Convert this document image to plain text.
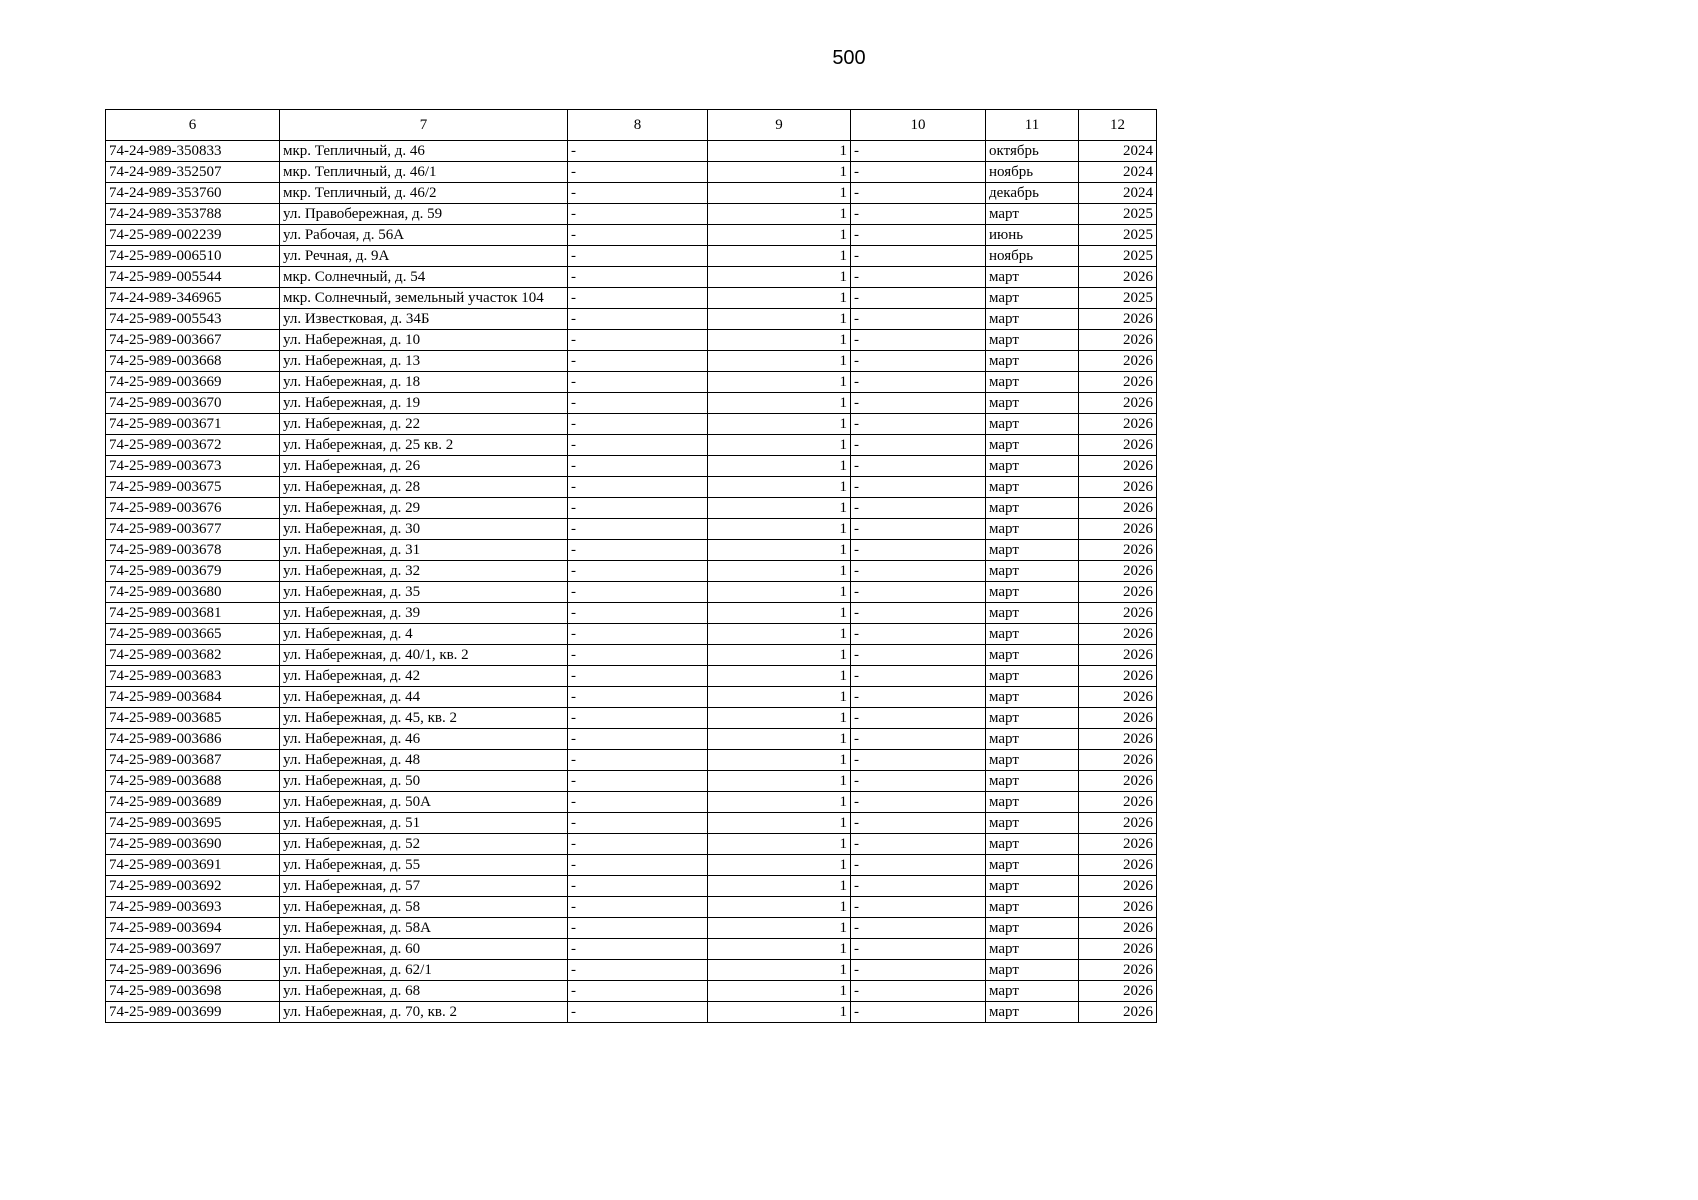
500
6	7	8	9	10	11	12
74-24-989-350833	мкр. Тепличный, д. 46	-	1	-	октябрь	2024
74-24-989-352507	мкр. Тепличный, д. 46/1	-	1	-	ноябрь	2024
74-24-989-353760	мкр. Тепличный, д. 46/2	-	1	-	декабрь	2024
74-24-989-353788	ул. Правобережная, д. 59	-	1	-	март	2025
74-25-989-002239	ул. Рабочая, д. 56А	-	1	-	июнь	2025
74-25-989-006510	ул. Речная, д. 9А	-	1	-	ноябрь	2025
74-25-989-005544	мкр. Солнечный, д. 54	-	1	-	март	2026
74-24-989-346965	мкр. Солнечный, земельный участок 104	-	1	-	март	2025
74-25-989-005543	ул. Известковая, д. 34Б	-	1	-	март	2026
74-25-989-003667	ул. Набережная, д. 10	-	1	-	март	2026
74-25-989-003668	ул. Набережная, д. 13	-	1	-	март	2026
74-25-989-003669	ул. Набережная, д. 18	-	1	-	март	2026
74-25-989-003670	ул. Набережная, д. 19	-	1	-	март	2026
74-25-989-003671	ул. Набережная, д. 22	-	1	-	март	2026
74-25-989-003672	ул. Набережная, д. 25 кв. 2	-	1	-	март	2026
74-25-989-003673	ул. Набережная, д. 26	-	1	-	март	2026
74-25-989-003675	ул. Набережная, д. 28	-	1	-	март	2026
74-25-989-003676	ул. Набережная, д. 29	-	1	-	март	2026
74-25-989-003677	ул. Набережная, д. 30	-	1	-	март	2026
74-25-989-003678	ул. Набережная, д. 31	-	1	-	март	2026
74-25-989-003679	ул. Набережная, д. 32	-	1	-	март	2026
74-25-989-003680	ул. Набережная, д. 35	-	1	-	март	2026
74-25-989-003681	ул. Набережная, д. 39	-	1	-	март	2026
74-25-989-003665	ул. Набережная, д. 4	-	1	-	март	2026
74-25-989-003682	ул. Набережная, д. 40/1, кв. 2	-	1	-	март	2026
74-25-989-003683	ул. Набережная, д. 42	-	1	-	март	2026
74-25-989-003684	ул. Набережная, д. 44	-	1	-	март	2026
74-25-989-003685	ул. Набережная, д. 45, кв. 2	-	1	-	март	2026
74-25-989-003686	ул. Набережная, д. 46	-	1	-	март	2026
74-25-989-003687	ул. Набережная, д. 48	-	1	-	март	2026
74-25-989-003688	ул. Набережная, д. 50	-	1	-	март	2026
74-25-989-003689	ул. Набережная, д. 50А	-	1	-	март	2026
74-25-989-003695	ул. Набережная, д. 51	-	1	-	март	2026
74-25-989-003690	ул. Набережная, д. 52	-	1	-	март	2026
74-25-989-003691	ул. Набережная, д. 55	-	1	-	март	2026
74-25-989-003692	ул. Набережная, д. 57	-	1	-	март	2026
74-25-989-003693	ул. Набережная, д. 58	-	1	-	март	2026
74-25-989-003694	ул. Набережная, д. 58А	-	1	-	март	2026
74-25-989-003697	ул. Набережная, д. 60	-	1	-	март	2026
74-25-989-003696	ул. Набережная, д. 62/1	-	1	-	март	2026
74-25-989-003698	ул. Набережная, д. 68	-	1	-	март	2026
74-25-989-003699	ул. Набережная, д. 70, кв. 2	-	1	-	март	2026
